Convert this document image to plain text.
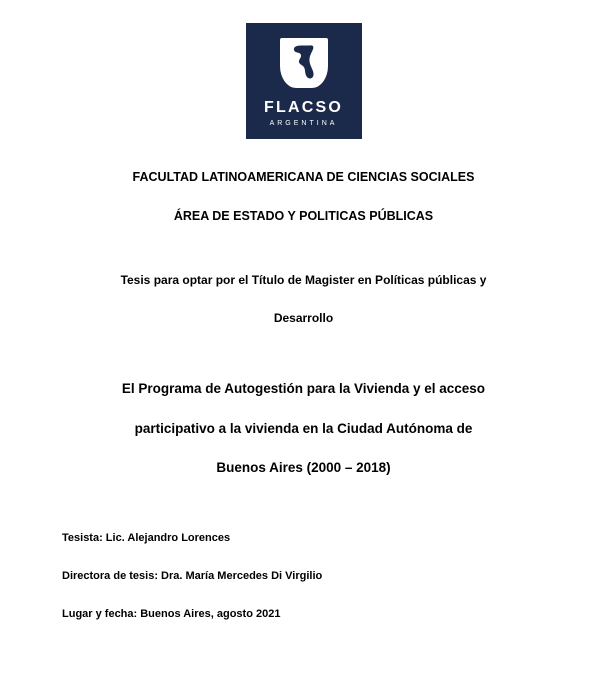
FLACSO
ARGENTINA
FACULTAD LATINOAMERICANA DE CIENCIAS SOCIALES
ÁREA DE ESTADO Y POLITICAS PÚBLICAS
Tesis para optar por el Título de Magister en Políticas públicas y
Desarrollo
El Programa de Autogestión para la Vivienda y el acceso
participativo a la vivienda en la Ciudad Autónoma de
Buenos Aires (2000 – 2018)
Tesista: Lic. Alejandro Lorences
Directora de tesis: Dra. María Mercedes Di Virgilio
Lugar y fecha: Buenos Aires, agosto 2021
